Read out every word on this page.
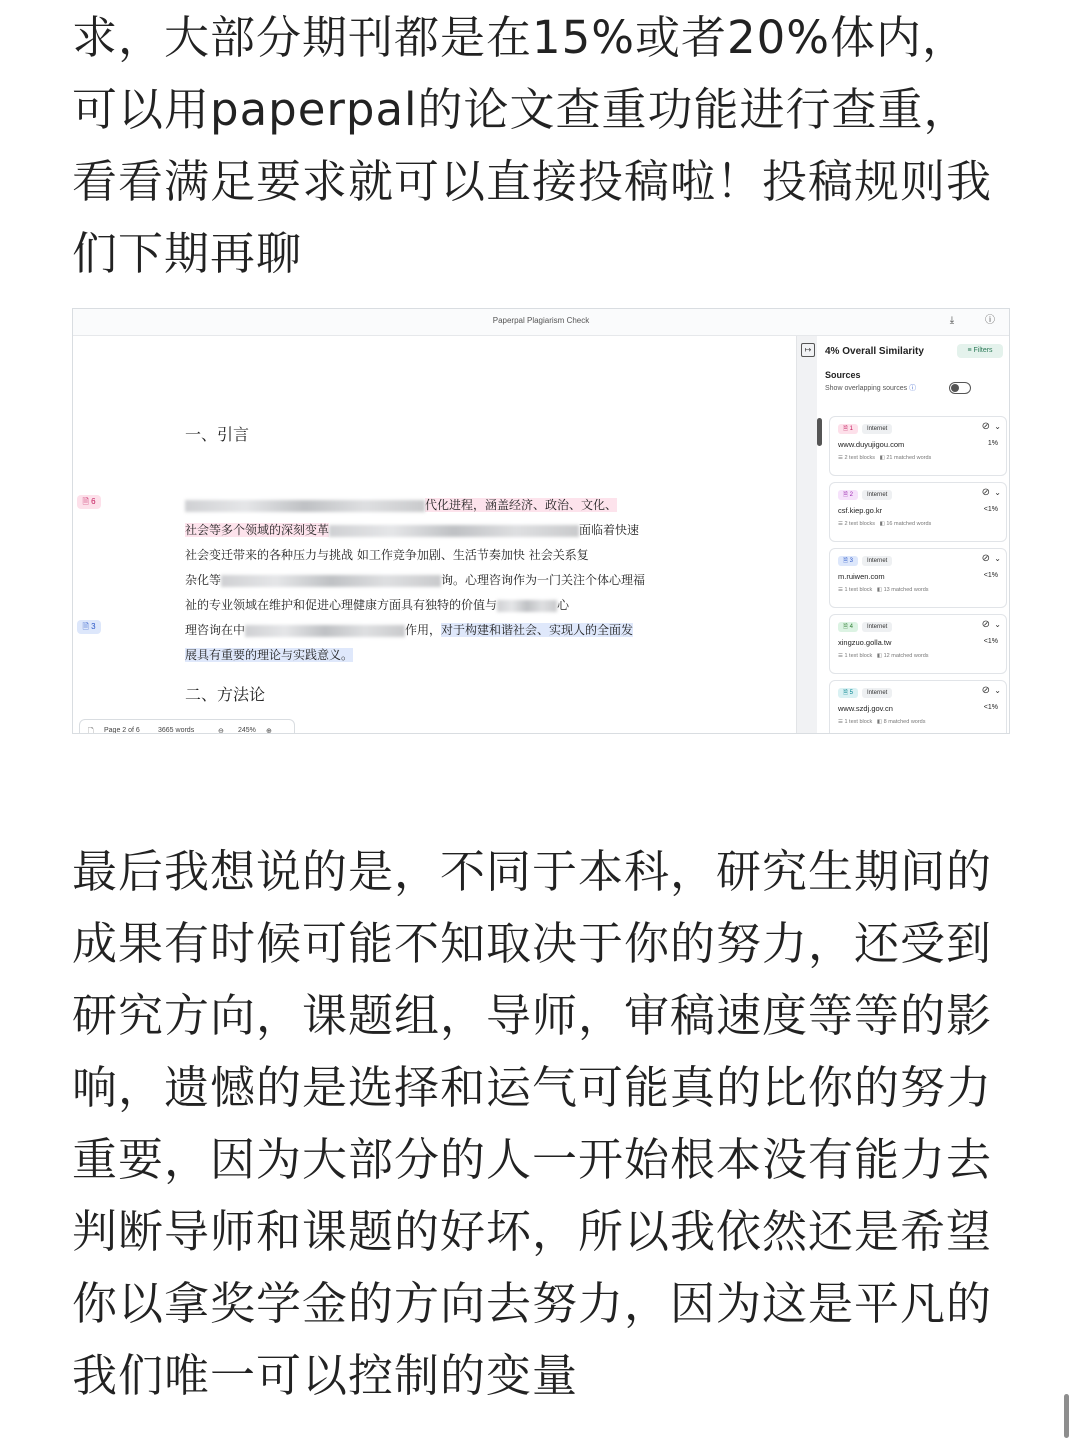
求，大部分期刊都是在15%或者20%体内，
可以用paperpal的论文查重功能进行查重，
看看满足要求就可以直接投稿啦！投稿规则我
们下期再聊
Paperpal Plagiarism Check	⤓	ⓘ
一、引言
🗎 6	代化进程，涵盖经济、政治、文化、
社会等多个领域的深刻变革	面临着快速
社会变迁带来的各种压力与挑战 如工作竞争加剧、生活节奏加快 社会关系复
杂化等	询。心理咨询作为一门关注个体心理福
祉的专业领域在维护和促进心理健康方面具有独特的价值与	心
🗎 3	理咨询在中	作用，对于构建和谐社会、实现人的全面发
展具有重要的理论与实践意义。
二、方法论
🗋 Page 2 of 6	3665 words	⊖ 245% ⊕
↦	4% Overall Similarity	≡ Filters
Sources
Show overlapping sources ⓘ
🗎 1	Internet	⊘ ⌄
www.duyujigou.com	1%
☰ 2 text blocks   ◧ 21 matched words
🗎 2	Internet	⊘ ⌄
csf.kiep.go.kr	<1%
☰ 2 text blocks   ◧ 16 matched words
🗎 3	Internet	⊘ ⌄
m.ruiwen.com	<1%
☰ 1 text block   ◧ 13 matched words
🗎 4	Internet	⊘ ⌄
xingzuo.golla.tw	<1%
☰ 1 text block   ◧ 12 matched words
🗎 5	Internet	⊘ ⌄
www.szdj.gov.cn	<1%
☰ 1 text block   ◧ 8 matched words
最后我想说的是，不同于本科，研究生期间的
成果有时候可能不知取决于你的努力，还受到
研究方向，课题组，导师，审稿速度等等的影
响，遗憾的是选择和运气可能真的比你的努力
重要，因为大部分的人一开始根本没有能力去
判断导师和课题的好坏，所以我依然还是希望
你以拿奖学金的方向去努力，因为这是平凡的
我们唯一可以控制的变量
